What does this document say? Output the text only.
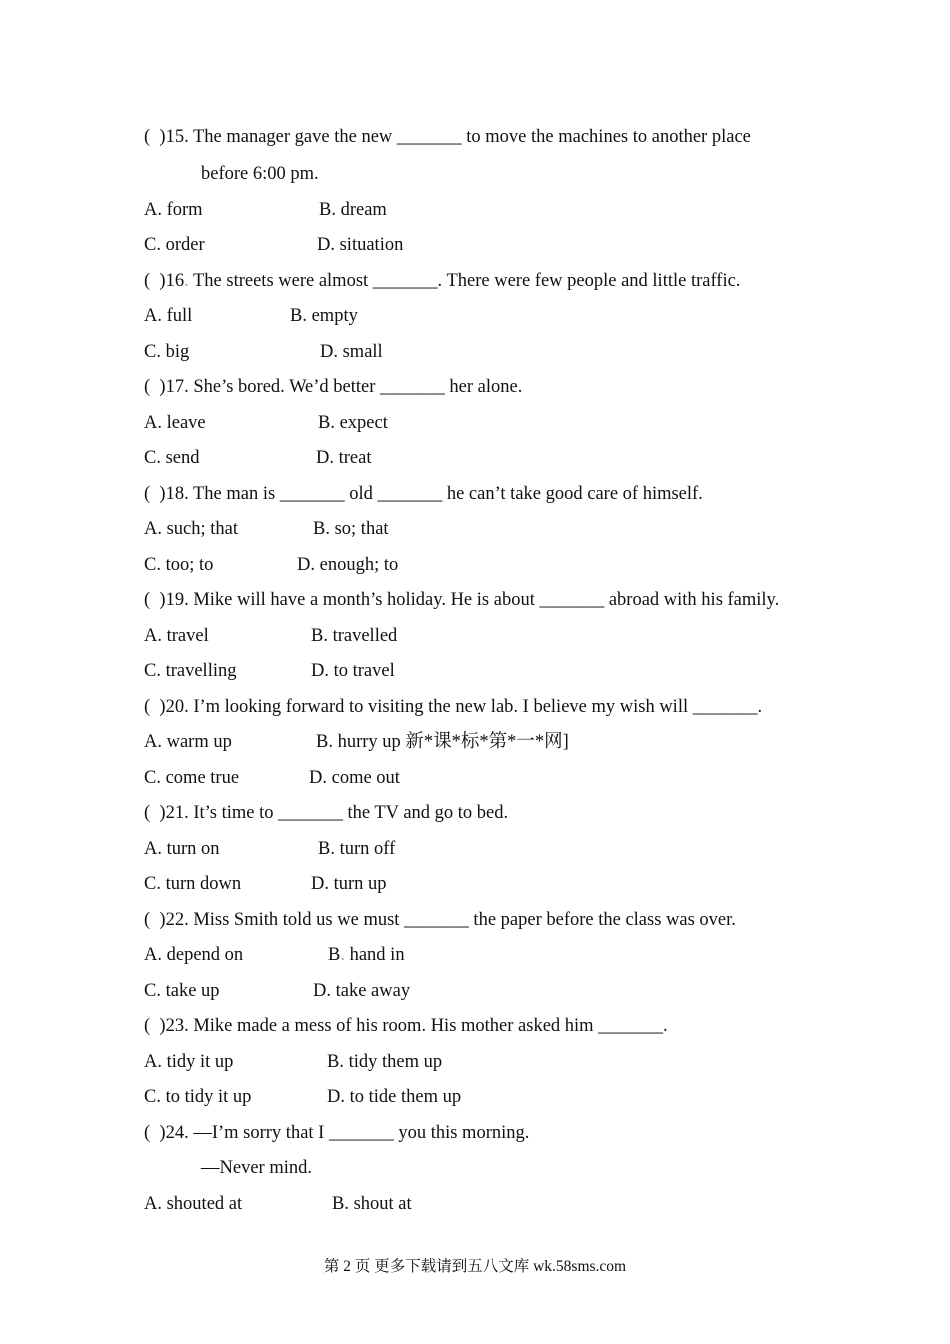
(  )15. The manager gave the new _______ to move the machines to another place
before 6:00 pm.
A. form	B. dream
C. order	D. situation
(  )16. The streets were almost _______. There were few people and little traffic.
A. full	B. empty
C. big	D. small
(  )17. She’s bored. We’d better _______ her alone.
A. leave	B. expect
C. send	D. treat
(  )18. The man is _______ old _______ he can’t take good care of himself.
A. such; that	B. so; that
C. too; to	D. enough; to
(  )19. Mike will have a month’s holiday. He is about _______ abroad with his family.
A. travel	B. travelled
C. travelling	D. to travel
(  )20. I’m looking forward to visiting the new lab. I believe my wish will _______.
A. warm up	B. hurry up 新*课*标*第*一*网]
C. come true	D. come out
(  )21. It’s time to _______ the TV and go to bed.
A. turn on	B. turn off
C. turn down	D. turn up
(  )22. Miss Smith told us we must _______ the paper before the class was over.
A. depend on	B. hand in
C. take up	D. take away
(  )23. Mike made a mess of his room. His mother asked him _______.
A. tidy it up	B. tidy them up
C. to tidy it up	D. to tide them up
(  )24. —I’m sorry that I _______ you this morning.
—Never mind.
A. shouted at	B. shout at
第 2 页 更多下载请到五八文库 wk.58sms.com
